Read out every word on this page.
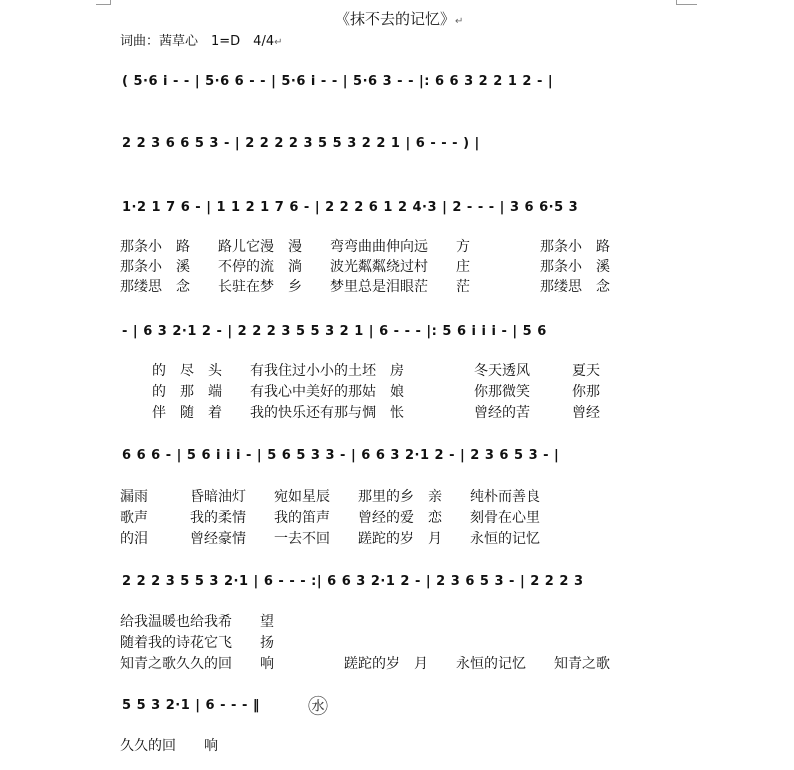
《抹不去的记忆》↵
词曲：茜草心　1=D　4/4↵
( 5·6 i - - | 5·6 6 - - | 5·6 i - - | 5·6 3 - - |: 6 6 3 2 2 1 2 - |
2 2 3 6 6 5 3 - | 2 2 2 2 3 5 5 3 2 2 1 | 6 - - - ) |
1·2 1 7 6 - | 1 1 2 1 7 6 - | 2 2 2 6 1 2 4·3 | 2 - - - | 3 6 6·5 3
- | 6 3 2·1 2 - | 2 2 2 3 5 5 3 2 1 | 6 - - - |: 5 6 i i i - | 5 6
6 6 6 - | 5 6 i i i - | 5 6 5 3 3 - | 6 6 3 2·1 2 - | 2 3 6 5 3 - |
2 2 2 3 5 5 3 2·1 | 6 - - - :| 6 6 3 2·1 2 - | 2 3 6 5 3 - | 2 2 2 3
5 5 3 2·1 | 6 - - - ‖ ㊌
那条小　路　　路儿它漫　漫　　弯弯曲曲伸向远　　方　　　　　那条小　路
那条小　溪　　不停的流　淌　　波光粼粼绕过村　　庄　　　　　那条小　溪
那缕思　念　　长驻在梦　乡　　梦里总是泪眼茫　　茫　　　　　那缕思　念
的　尽　头　　有我住过小小的土坯　房　　　　　冬天透风　　　夏天
的　那　端　　有我心中美好的那姑　娘　　　　　你那微笑　　　你那
伴　随　着　　我的快乐还有那与惆　怅　　　　　曾经的苦　　　曾经
漏雨　　　昏暗油灯　　宛如星辰　　那里的乡　亲　　纯朴而善良
歌声　　　我的柔情　　我的笛声　　曾经的爱　恋　　刻骨在心里
的泪　　　曾经豪情　　一去不回　　蹉跎的岁　月　　永恒的记忆
给我温暖也给我希　　望
随着我的诗花它飞　　扬
知青之歌久久的回　　响　　　　　蹉跎的岁　月　　永恒的记忆　　知青之歌
久久的回　　响
